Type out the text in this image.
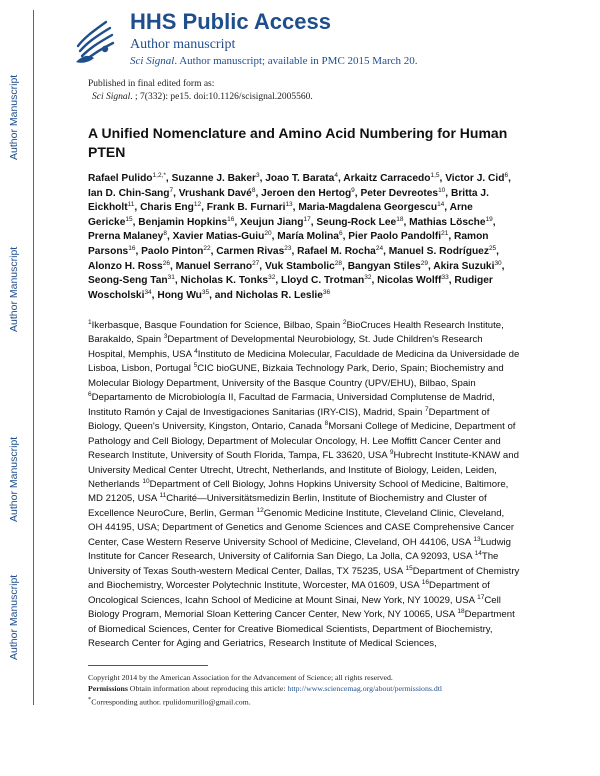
Author Manuscript
Author Manuscript
Author Manuscript
Author Manuscript
HHS Public Access
Author manuscript
Sci Signal. Author manuscript; available in PMC 2015 March 20.
Published in final edited form as:
Sci Signal. ; 7(332): pe15. doi:10.1126/scisignal.2005560.
A Unified Nomenclature and Amino Acid Numbering for Human PTEN
Rafael Pulido$^{1,2,*}$, Suzanne J. Baker$^3$, Joao T. Barata$^4$, Arkaitz Carracedo$^{1,5}$, Victor J. Cid$^6$, Ian D. Chin-Sang$^7$, Vrushank Davé$^8$, Jeroen den Hertog$^9$, Peter Devreotes$^{10}$, Britta J. Eickholt$^{11}$, Charis Eng$^{12}$, Frank B. Furnari$^{13}$, Maria-Magdalena Georgescu$^{14}$, Arne Gericke$^{15}$, Benjamin Hopkins$^{16}$, Xeujun Jiang$^{17}$, Seung-Rock Lee$^{18}$, Mathias Lösche$^{19}$, Prerna Malaney$^8$, Xavier Matias-Guiu$^{20}$, María Molina$^6$, Pier Paolo Pandolfi$^{21}$, Ramon Parsons$^{16}$, Paolo Pinton$^{22}$, Carmen Rivas$^{23}$, Rafael M. Rocha$^{24}$, Manuel S. Rodríguez$^{25}$, Alonzo H. Ross$^{26}$, Manuel Serrano$^{27}$, Vuk Stambolic$^{28}$, Bangyan Stiles$^{29}$, Akira Suzuki$^{30}$, Seong-Seng Tan$^{31}$, Nicholas K. Tonks$^{32}$, Lloyd C. Trotman$^{32}$, Nicolas Wolff$^{33}$, Rudiger Woscholski$^{34}$, Hong Wu$^{35}$, and Nicholas R. Leslie$^{36}$
$^1$Ikerbasque, Basque Foundation for Science, Bilbao, Spain $^2$BioCruces Health Research Institute, Barakaldo, Spain $^3$Department of Developmental Neurobiology, St. Jude Children's Research Hospital, Memphis, USA $^4$Instituto de Medicina Molecular, Faculdade de Medicina da Universidade de Lisboa, Lisbon, Portugal $^5$CIC bioGUNE, Bizkaia Technology Park, Derio, Spain; Biochemistry and Molecular Biology Department, University of the Basque Country (UPV/EHU), Bilbao, Spain $^6$Departamento de Microbiología II, Facultad de Farmacia, Universidad Complutense de Madrid, Instituto Ramón y Cajal de Investigaciones Sanitarias (IRY-CIS), Madrid, Spain $^7$Department of Biology, Queen's University, Kingston, Ontario, Canada $^8$Morsani College of Medicine, Department of Pathology and Cell Biology, Department of Molecular Oncology, H. Lee Moffitt Cancer Center and Research Institute, University of South Florida, Tampa, FL 33620, USA $^9$Hubrecht Institute-KNAW and University Medical Center Utrecht, Utrecht, Netherlands, and Institute of Biology, Leiden, Leiden, Netherlands $^{10}$Department of Cell Biology, Johns Hopkins University School of Medicine, Baltimore, MD 21205, USA $^{11}$Charité—Universitätsmedizin Berlin, Institute of Biochemistry and Cluster of Excellence NeuroCure, Berlin, German $^{12}$Genomic Medicine Institute, Cleveland Clinic, Cleveland, OH 44195, USA; Department of Genetics and Genome Sciences and CASE Comprehensive Cancer Center, Case Western Reserve University School of Medicine, Cleveland, OH 44106, USA $^{13}$Ludwig Institute for Cancer Research, University of California San Diego, La Jolla, CA 92093, USA $^{14}$The University of Texas South-western Medical Center, Dallas, TX 75235, USA $^{15}$Department of Chemistry and Biochemistry, Worcester Polytechnic Institute, Worcester, MA 01609, USA $^{16}$Department of Oncological Sciences, Icahn School of Medicine at Mount Sinai, New York, NY 10029, USA $^{17}$Cell Biology Program, Memorial Sloan Kettering Cancer Center, New York, NY 10065, USA $^{18}$Department of Biomedical Sciences, Center for Creative Biomedical Scientists, Department of Biochemistry, Research Center for Aging and Geriatrics, Research Institute of Medical Sciences,
Copyright 2014 by the American Association for the Advancement of Science; all rights reserved.
Permissions Obtain information about reproducing this article: http://www.sciencemag.org/about/permissions.dtl
*Corresponding author. rpulidomurillo@gmail.com.
